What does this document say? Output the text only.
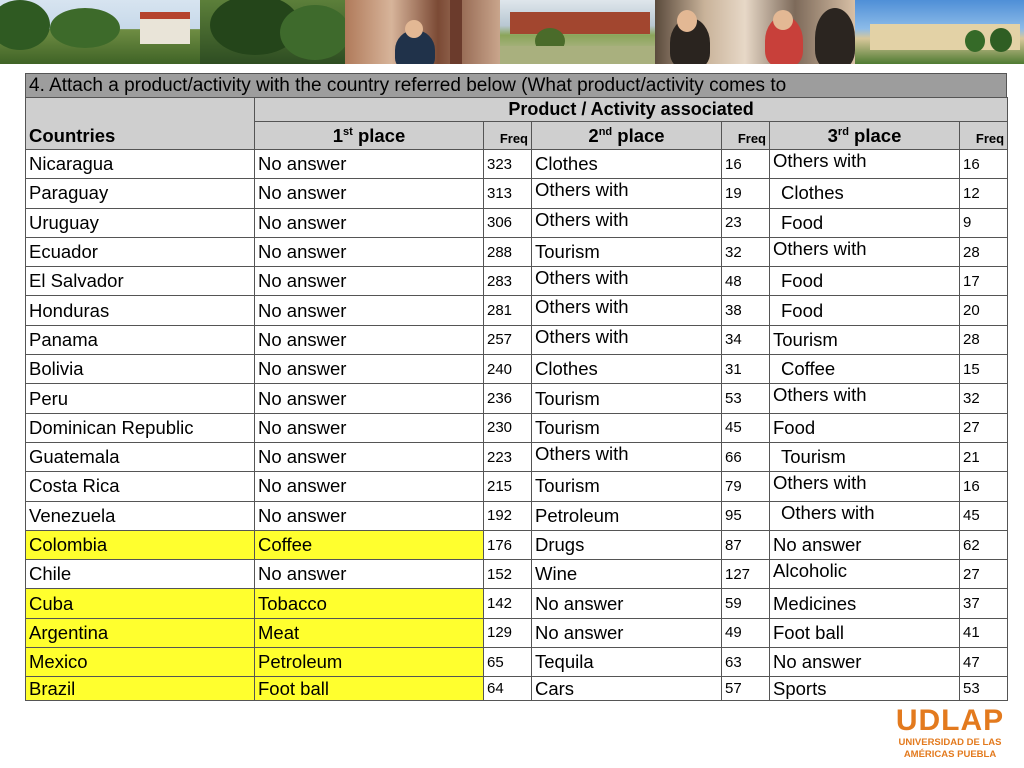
4. Attach a product/activity with the country referred below (What product/activity comes to
Countries	Product / Activity associated					
	1st place	Freq	2nd place	Freq	3rd place	Freq
Nicaragua	No answer	323	Clothes	16	Others with	16
Paraguay	No answer	313	Others with	19	Clothes	12
Uruguay	No answer	306	Others with	23	Food	9
Ecuador	No answer	288	Tourism	32	Others with	28
El Salvador	No answer	283	Others with	48	Food	17
Honduras	No answer	281	Others with	38	Food	20
Panama	No answer	257	Others with	34	Tourism	28
Bolivia	No answer	240	Clothes	31	Coffee	15
Peru	No answer	236	Tourism	53	Others with	32
Dominican Republic	No answer	230	Tourism	45	Food	27
Guatemala	No answer	223	Others with	66	Tourism	21
Costa Rica	No answer	215	Tourism	79	Others with	16
Venezuela	No answer	192	Petroleum	95	Others with	45
Colombia	Coffee	176	Drugs	87	No answer	62
Chile	No answer	152	Wine	127	Alcoholic	27
Cuba	Tobacco	142	No answer	59	Medicines	37
Argentina	Meat	129	No answer	49	Foot ball	41
Mexico	Petroleum	65	Tequila	63	No answer	47
Brazil	Foot ball	64	Cars	57	Sports	53
UDLAP
UNIVERSIDAD DE LAS
AMÉRICAS PUEBLA
